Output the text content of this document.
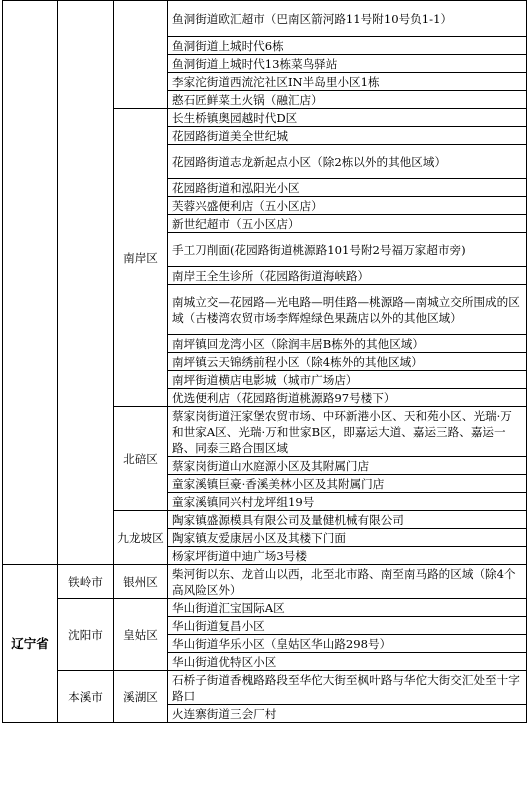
			鱼洞街道欧汇超市（巴南区箭河路11号附10号负1-1）
			鱼洞街道上城时代6栋
			鱼洞街道上城时代13栋菜鸟驿站
			李家沱街道西流沱社区IN半岛里小区1栋
			憨石匠鲜菜土火锅（融汇店）
		南岸区	长生桥镇奥园越时代D区
			花园路街道美全世纪城
			花园路街道志龙新起点小区（除2栋以外的其他区域）
			花园路街道和泓阳光小区
			芙蓉兴盛便利店（五小区店）
			新世纪超市（五小区店）
			手工刀削面(花园路街道桃源路101号附2号福万家超市旁)
			南岸王全生诊所（花园路街道海峡路）
			南城立交—花园路—光电路—明佳路—桃源路—南城立交所围成的区域（古楼湾农贸市场李辉煌绿色果蔬店以外的其他区域）
			南坪镇回龙湾小区（除润丰居B栋外的其他区域）
			南坪镇云天锦绣前程小区（除4栋外的其他区域）
			南坪街道横店电影城（城市广场店）
			优选便利店（花园路街道桃源路97号楼下）
		北碚区	蔡家岗街道汪家堡农贸市场、中环新港小区、天和苑小区、光瑞·万和世家A区、光瑞·万和世家B区，即嘉运大道、嘉运三路、嘉运一路、同泰三路合围区域
			蔡家岗街道山水庭源小区及其附属门店
			童家溪镇巨豪·香溪美林小区及其附属门店
			童家溪镇同兴村龙坪组19号
		九龙坡区	陶家镇盛源模具有限公司及量健机械有限公司
			陶家镇友爱康居小区及其楼下门面
			杨家坪街道中迪广场3号楼
辽宁省	铁岭市	银州区	柴河街以东、龙首山以西，北至北市路、南至南马路的区域（除4个高风险区外）
	沈阳市	皇姑区	华山街道汇宝国际A区
			华山街道复昌小区
			华山街道华乐小区（皇姑区华山路298号）
			华山街道优特区小区
	本溪市	溪湖区	石桥子街道香槐路路段至华佗大街至枫叶路与华佗大街交汇处至十字路口
			火连寨街道三会厂村
